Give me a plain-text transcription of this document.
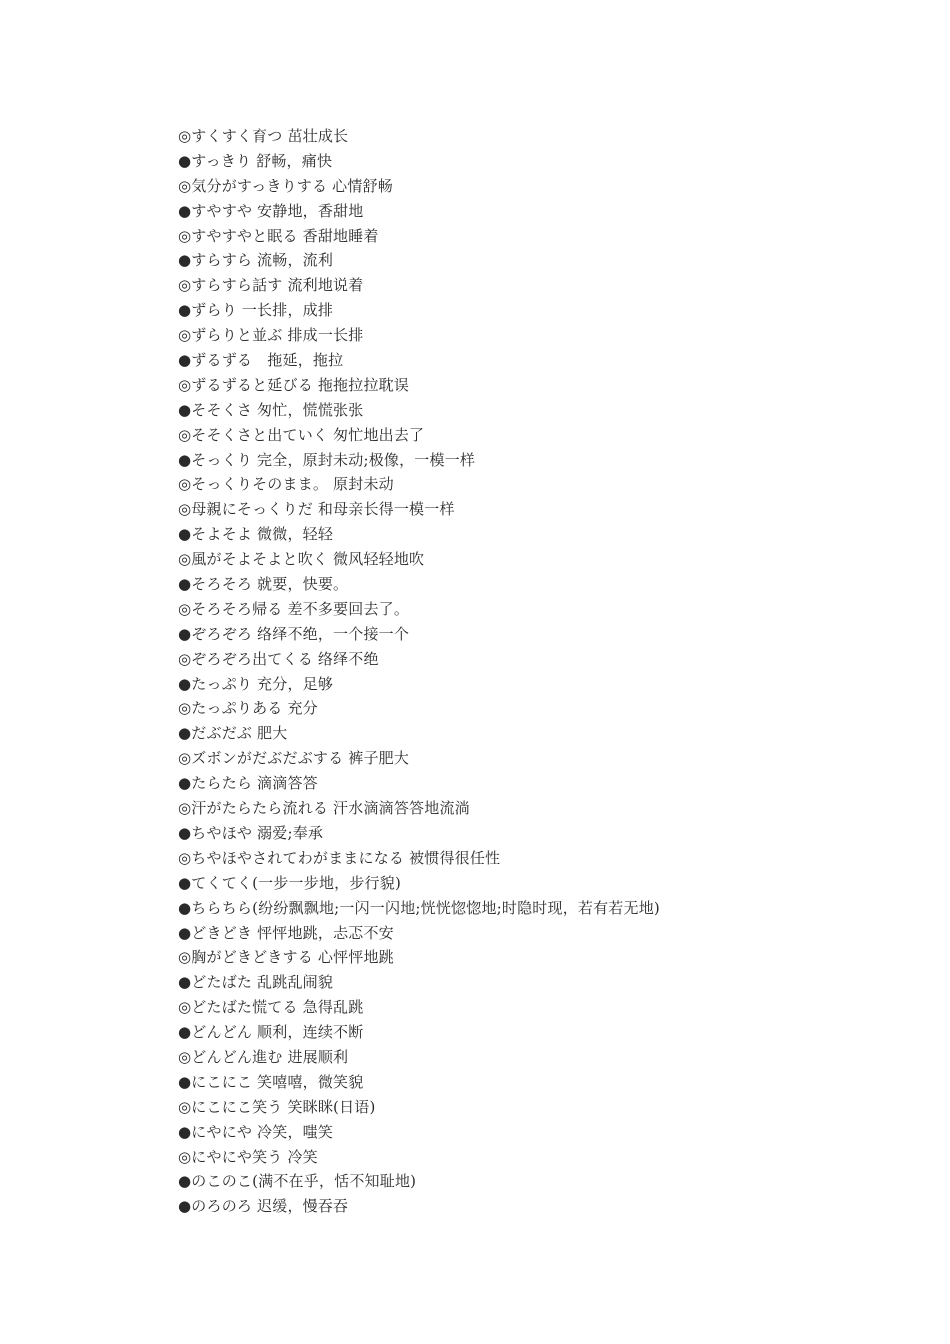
◎すくすく育つ 茁壮成长
●すっきり 舒畅，痛快
◎気分がすっきりする 心情舒畅
●すやすや 安静地，香甜地
◎すやすやと眠る 香甜地睡着
●すらすら 流畅，流利
◎すらすら話す 流利地说着
●ずらり 一长排，成排
◎ずらりと並ぶ 排成一长排
●ずるずる　拖延，拖拉
◎ずるずると延びる 拖拖拉拉耽误
●そそくさ 匆忙，慌慌张张
◎そそくさと出ていく 匆忙地出去了
●そっくり 完全，原封未动;极像，一模一样
◎そっくりそのまま。 原封未动
◎母親にそっくりだ 和母亲长得一模一样
●そよそよ 微微，轻轻
◎風がそよそよと吹く 微风轻轻地吹
●そろそろ 就要，快要。
◎そろそろ帰る 差不多要回去了。
●ぞろぞろ 络绎不绝，一个接一个
◎ぞろぞろ出てくる 络绎不绝
●たっぷり 充分，足够
◎たっぷりある 充分
●だぶだぶ 肥大
◎ズボンがだぶだぶする 裤子肥大
●たらたら 滴滴答答
◎汗がたらたら流れる 汗水滴滴答答地流淌
●ちやほや 溺爱;奉承
◎ちやほやされてわがままになる 被惯得很任性
●てくてく(一步一步地，步行貌)
●ちらちら(纷纷飘飘地;一闪一闪地;恍恍惚惚地;时隐时现，若有若无地)
●どきどき 怦怦地跳，忐忑不安
◎胸がどきどきする 心怦怦地跳
●どたばた 乱跳乱闹貌
◎どたばた慌てる 急得乱跳
●どんどん 顺利，连续不断
◎どんどん進む 进展顺利
●にこにこ 笑嘻嘻，微笑貌
◎にこにこ笑う 笑眯眯(日语)
●にやにや 冷笑，嗤笑
◎にやにや笑う 冷笑
●のこのこ(满不在乎，恬不知耻地)
●のろのろ 迟缓，慢吞吞
